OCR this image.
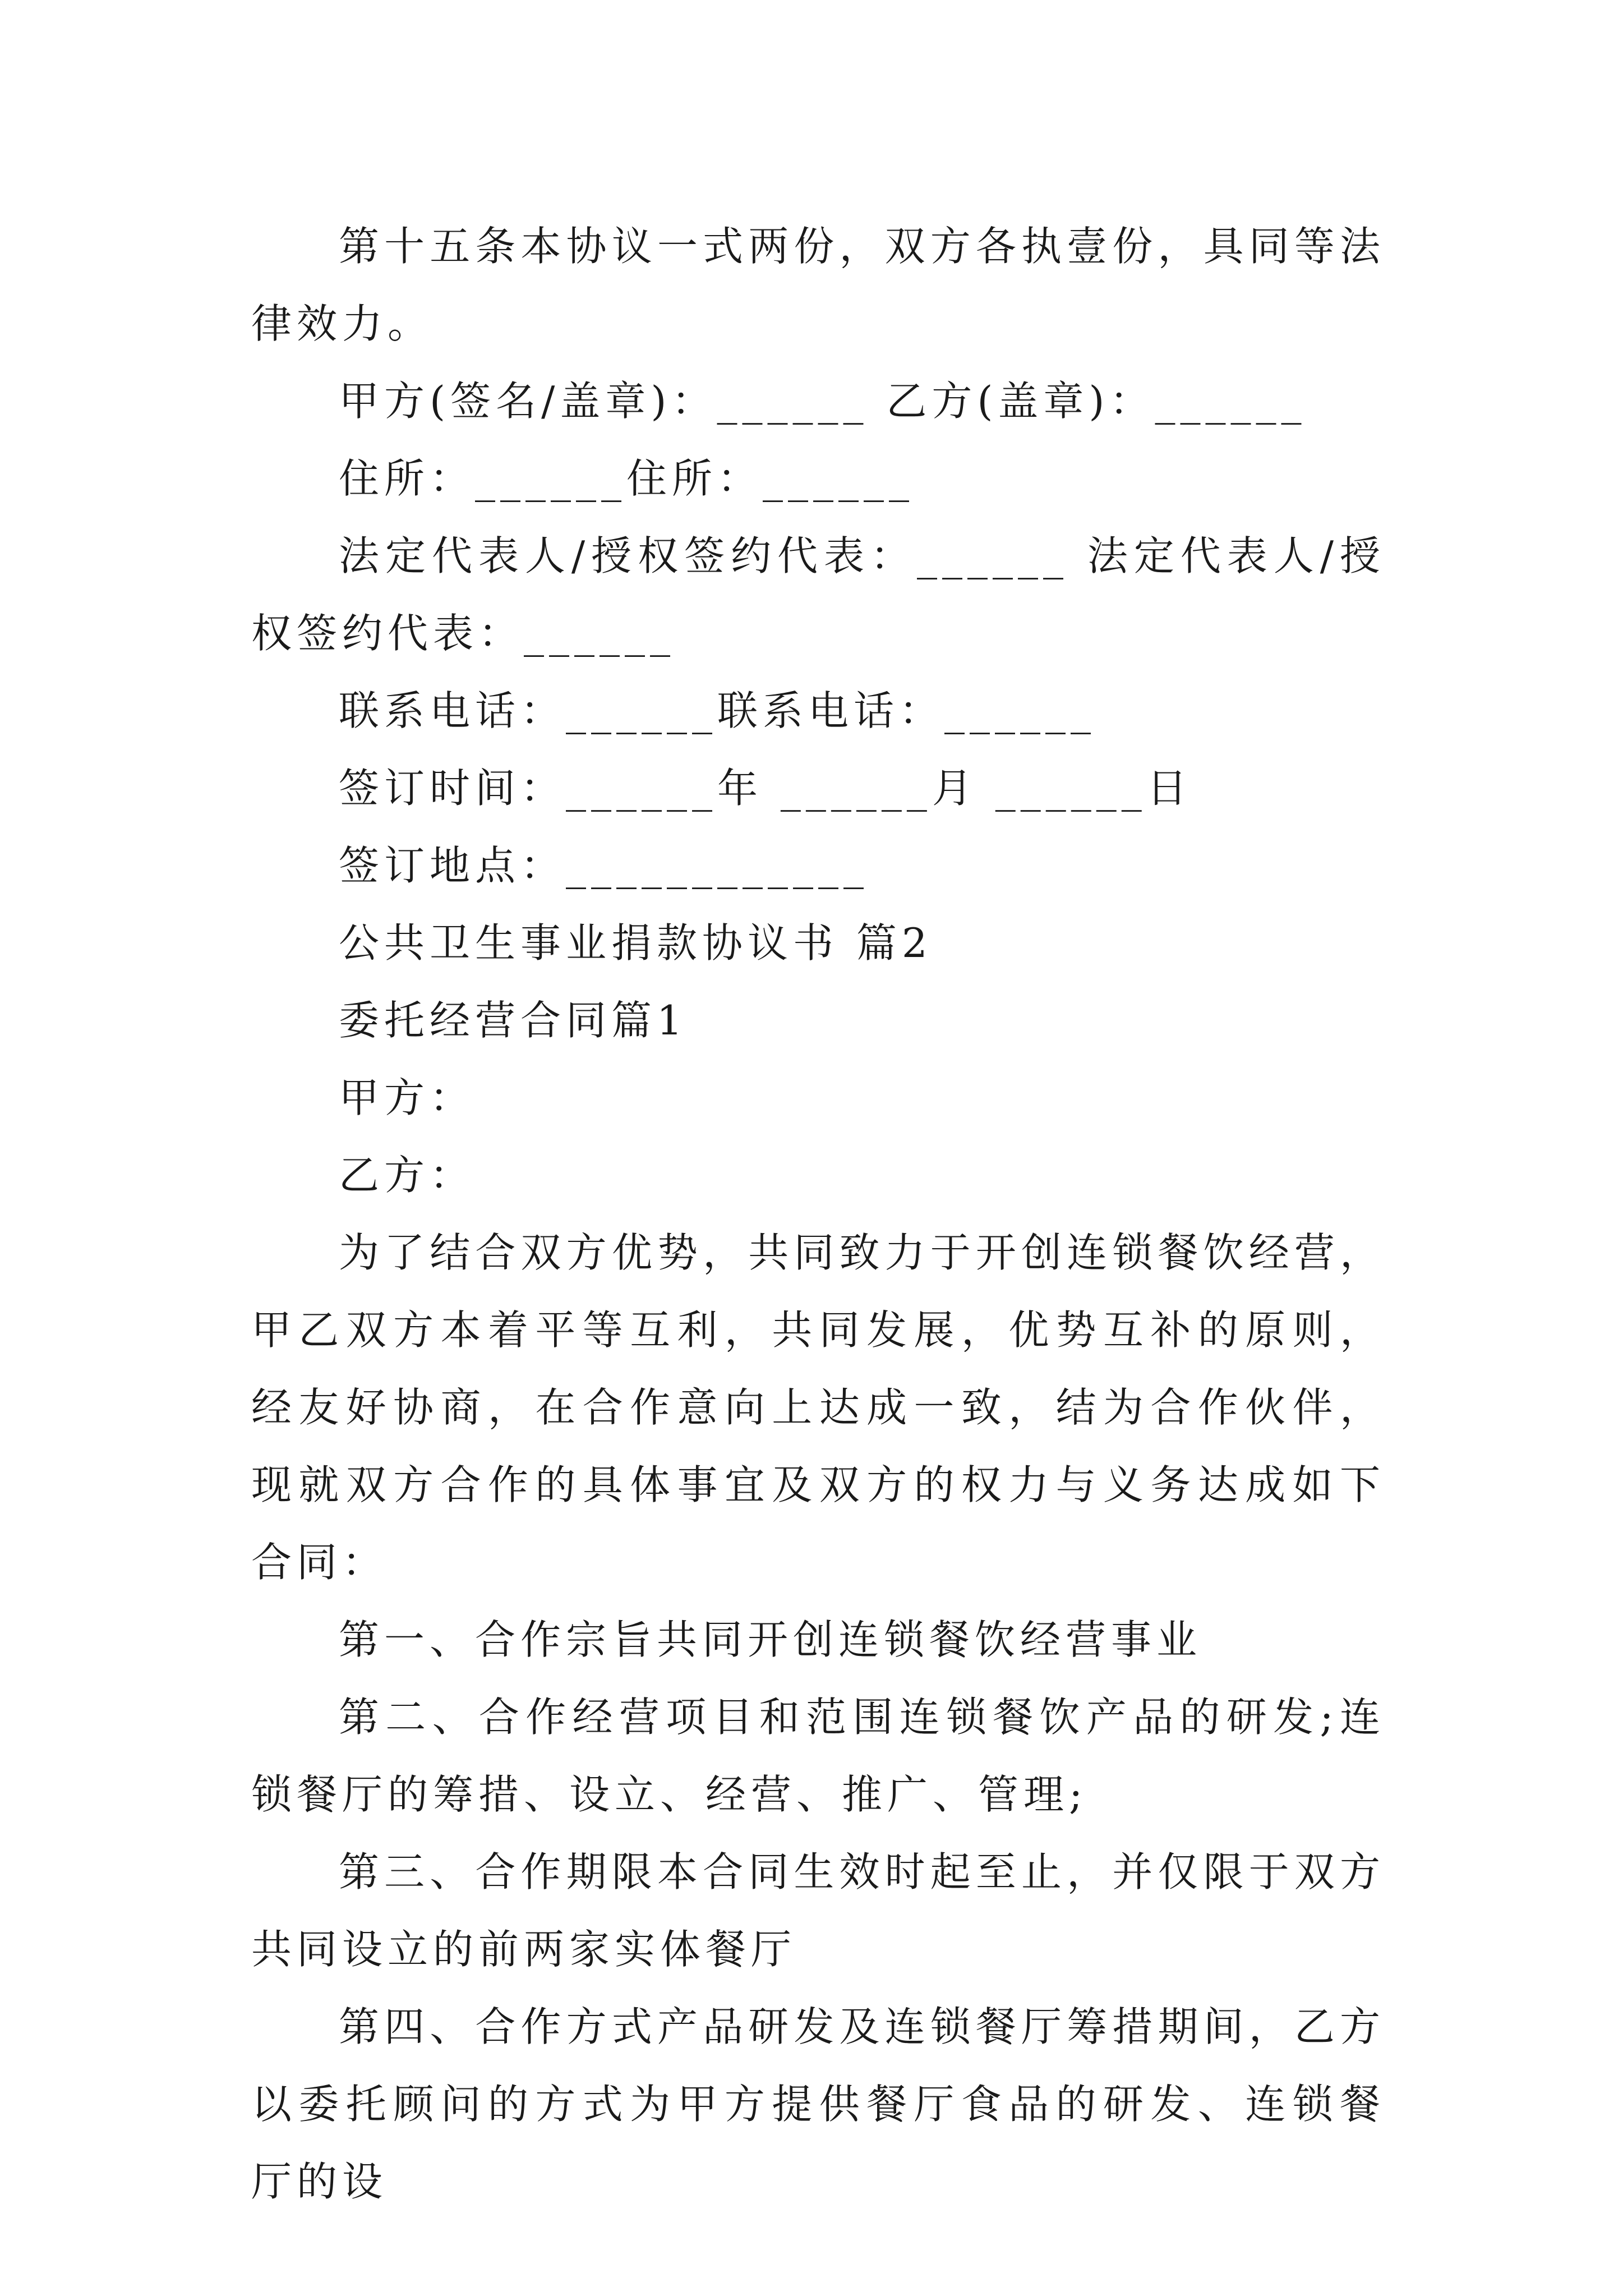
第十五条本协议一式两份，双方各执壹份，具同等法律效力。

甲方(签名/盖章)：______ 乙方(盖章)：______

住所：______住所：______

法定代表人/授权签约代表：______ 法定代表人/授权签约代表：______

联系电话：______联系电话：______

签订时间：______年 ______月 ______日

签订地点：____________

公共卫生事业捐款协议书 篇2

委托经营合同篇1

甲方：

乙方：

为了结合双方优势，共同致力于开创连锁餐饮经营，甲乙双方本着平等互利，共同发展，优势互补的原则，经友好协商，在合作意向上达成一致，结为合作伙伴，现就双方合作的具体事宜及双方的权力与义务达成如下合同：

第一、合作宗旨共同开创连锁餐饮经营事业

第二、合作经营项目和范围连锁餐饮产品的研发;连锁餐厅的筹措、设立、经营、推广、管理;

第三、合作期限本合同生效时起至止，并仅限于双方共同设立的前两家实体餐厅

第四、合作方式产品研发及连锁餐厅筹措期间，乙方以委托顾问的方式为甲方提供餐厅食品的研发、连锁餐厅的设
